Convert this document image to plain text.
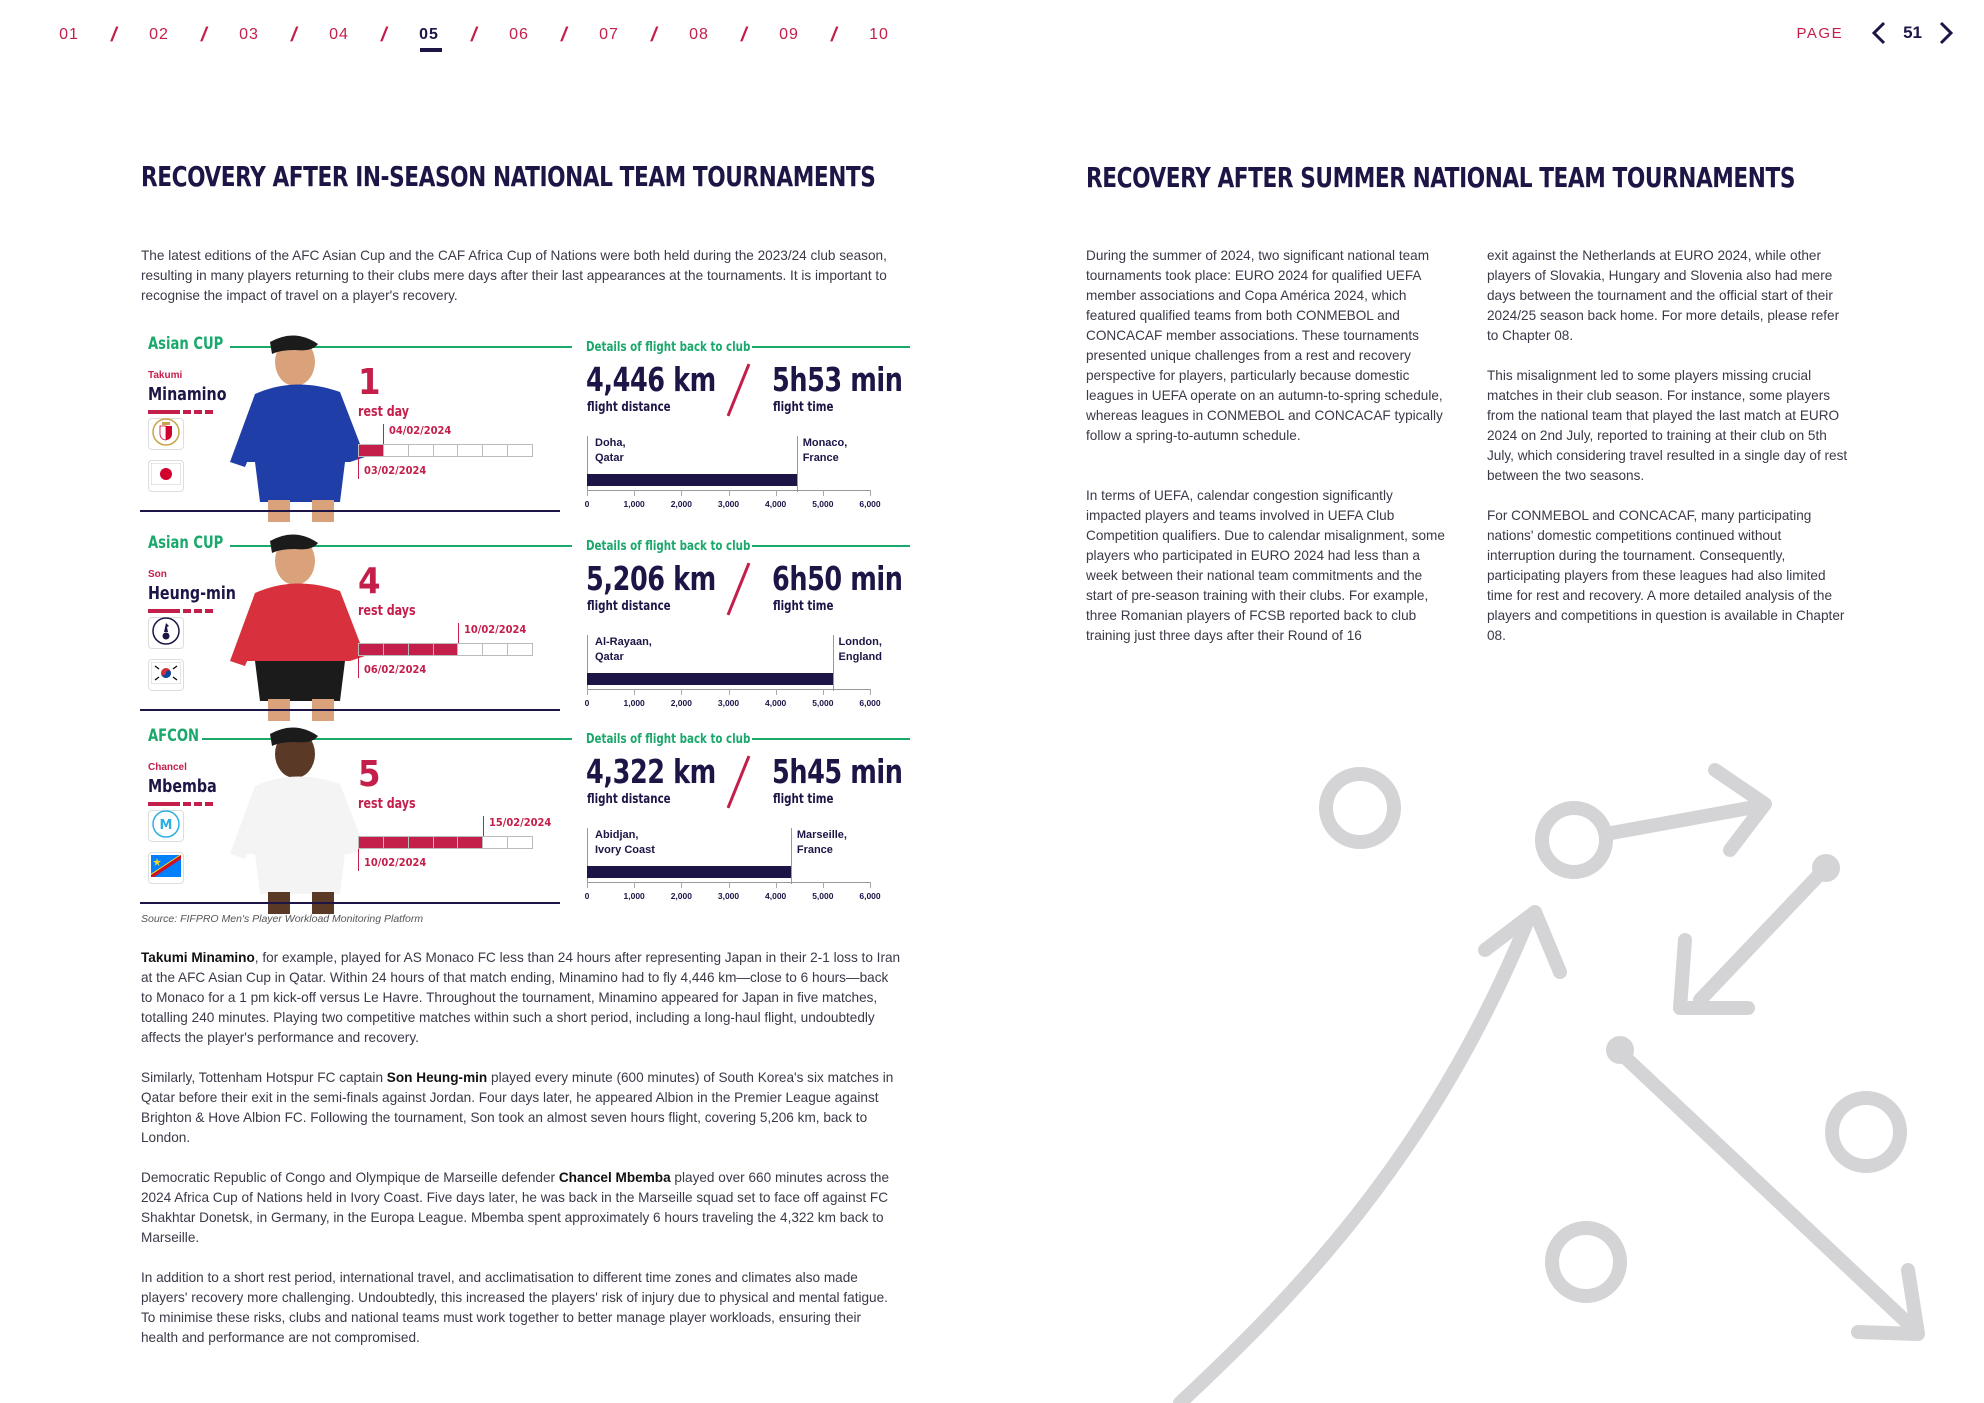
01	/	02	/	03	/	04	/	05	/	06	/	07	/	08	/	09	/	10	PAGE	51
RECOVERY AFTER IN-SEASON NATIONAL TEAM TOURNAMENTS

The latest editions of the AFC Asian Cup and the CAF Africa Cup of Nations were both held during the 2023/24 club season, resulting in many players returning to their clubs mere days after their last appearances at the tournaments. It is important to recognise the impact of travel on a player's recovery.

Asian CUP
Takumi
Minamino	1
rest day
04/02/2024
03/02/2024
Details of flight back to club
4,446 km
flight distance
5h53 min
flight time
Doha,
Qatar
Monaco,
France
0	1,000	2,000	3,000	4,000	5,000	6,000
Asian CUP
Son
Heung-min	4
rest days
10/02/2024
06/02/2024
Details of flight back to club
5,206 km
flight distance
6h50 min
flight time
Al-Rayaan,
Qatar
London,
England
0	1,000	2,000	3,000	4,000	5,000	6,000
AFCON
Chancel
Mbemba
M
5
rest days
15/02/2024
10/02/2024
Details of flight back to club
4,322 km
flight distance
5h45 min
flight time
Abidjan,
Ivory Coast
Marseille,
France
0	1,000	2,000	3,000	4,000	5,000	6,000

Source: FIFPRO Men's Player Workload Monitoring Platform

Takumi Minamino, for example, played for AS Monaco FC less than 24 hours after representing Japan in their 2-1 loss to Iran at the AFC Asian Cup in Qatar. Within 24 hours of that match ending, Minamino had to fly 4,446 km—close to 6 hours—back to Monaco for a 1 pm kick-off versus Le Havre. Throughout the tournament, Minamino appeared for Japan in five matches, totalling 240 minutes. Playing two competitive matches within such a short period, including a long-haul flight, undoubtedly affects the player's performance and recovery.

Similarly, Tottenham Hotspur FC captain Son Heung-min played every minute (600 minutes) of South Korea's six matches in Qatar before their exit in the semi-finals against Jordan. Four days later, he appeared Albion in the Premier League against Brighton & Hove Albion FC. Following the tournament, Son took an almost seven hours flight, covering 5,206 km, back to London.

Democratic Republic of Congo and Olympique de Marseille defender Chancel Mbemba played over 660 minutes across the 2024 Africa Cup of Nations held in Ivory Coast. Five days later, he was back in the Marseille squad set to face off against FC Shakhtar Donetsk, in Germany, in the Europa League. Mbemba spent approximately 6 hours traveling the 4,322 km back to Marseille.

In addition to a short rest period, international travel, and acclimatisation to different time zones and climates also made players' recovery more challenging. Undoubtedly, this increased the players' risk of injury due to physical and mental fatigue. To minimise these risks, clubs and national teams must work together to better manage player workloads, ensuring their health and performance are not compromised.

RECOVERY AFTER SUMMER NATIONAL TEAM TOURNAMENTS

During the summer of 2024, two significant national team tournaments took place: EURO 2024 for qualified UEFA member associations and Copa América 2024, which featured qualified teams from both CONMEBOL and CONCACAF member associations. These tournaments presented unique challenges from a rest and recovery perspective for players, particularly because domestic leagues in UEFA operate on an autumn-to-spring schedule, whereas leagues in CONMEBOL and CONCACAF typically follow a spring-to-autumn schedule.

In terms of UEFA, calendar congestion significantly impacted players and teams involved in UEFA Club Competition qualifiers. Due to calendar misalignment, some players who participated in EURO 2024 had less than a week between their national team commitments and the start of pre-season training with their clubs. For example, three Romanian players of FCSB reported back to club training just three days after their Round of 16

exit against the Netherlands at EURO 2024, while other players of Slovakia, Hungary and Slovenia also had mere days between the tournament and the official start of their 2024/25 season back home. For more details, please refer to Chapter 08.

This misalignment led to some players missing crucial matches in their club season. For instance, some players from the national team that played the last match at EURO 2024 on 2nd July, reported to training at their club on 5th July, which considering travel resulted in a single day of rest between the two seasons.

For CONMEBOL and CONCACAF, many participating nations' domestic competitions continued without interruption during the tournament. Consequently, participating players from these leagues had also limited time for rest and recovery. A more detailed analysis of the players and competitions in question is available in Chapter 08.
